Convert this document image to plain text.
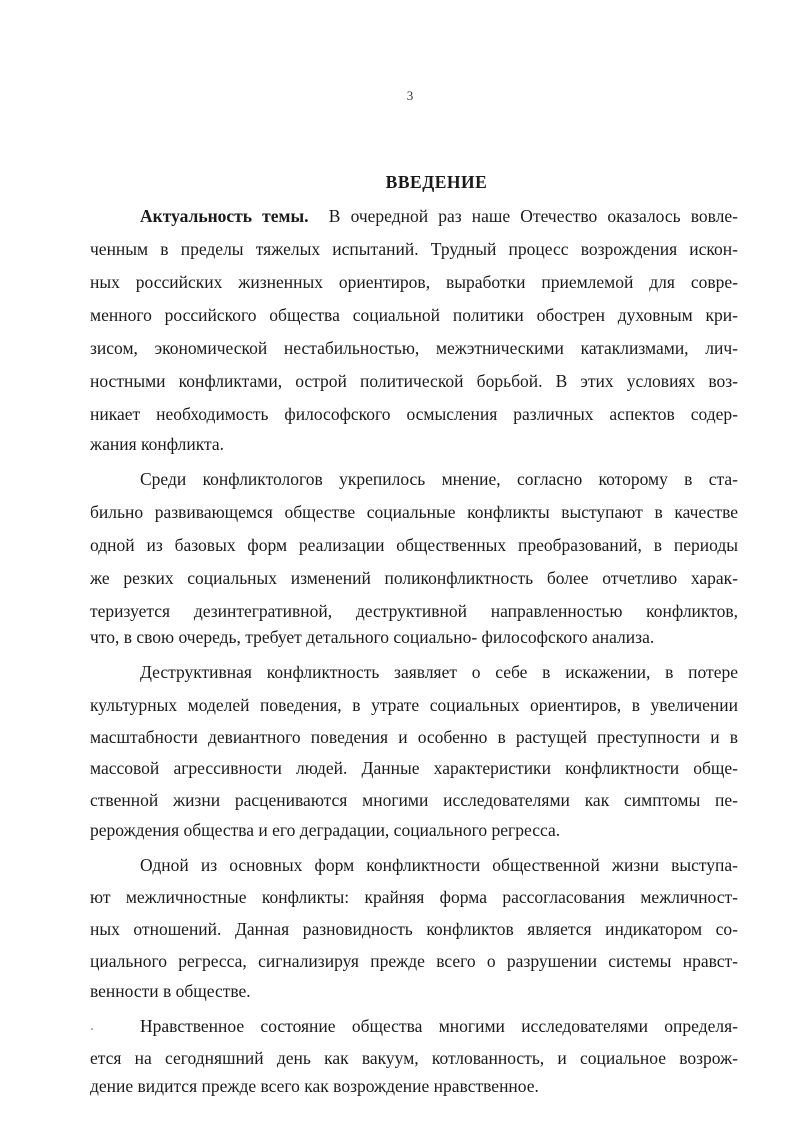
3
ВВЕДЕНИЕ
Актуальность темы. В очередной раз наше Отечество оказалось вовле-
ченным в пределы тяжелых испытаний. Трудный процесс возрождения искон-
ных российских жизненных ориентиров, выработки приемлемой для совре-
менного российского общества социальной политики обострен духовным кри-
зисом, экономической нестабильностью, межэтническими катаклизмами, лич-
ностными конфликтами, острой политической борьбой. В этих условиях воз-
никает необходимость философского осмысления различных аспектов содер-
жания конфликта.
Среди конфликтологов укрепилось мнение, согласно которому в ста-
бильно развивающемся обществе социальные конфликты выступают в качестве
одной из базовых форм реализации общественных преобразований, в периоды
же резких социальных изменений поликонфликтность более отчетливо харак-
теризуется дезинтегративной, деструктивной направленностью конфликтов,
что, в свою очередь, требует детального социально- философского анализа.
Деструктивная конфликтность заявляет о себе в искажении, в потере
культурных моделей поведения, в утрате социальных ориентиров, в увеличении
масштабности девиантного поведения и особенно в растущей преступности и в
массовой агрессивности людей. Данные характеристики конфликтности обще-
ственной жизни расцениваются многими исследователями как симптомы пе-
рерождения общества и его деградации, социального регресса.
Одной из основных форм конфликтности общественной жизни выступа-
ют межличностные конфликты: крайняя форма рассогласования межличност-
ных отношений. Данная разновидность конфликтов является индикатором со-
циального регресса, сигнализируя прежде всего о разрушении системы нравст-
венности в обществе.
Нравственное состояние общества многими исследователями определя-
ется на сегодняшний день как вакуум, котлованность, и социальное возрож-
дение видится прежде всего как возрождение нравственное.
